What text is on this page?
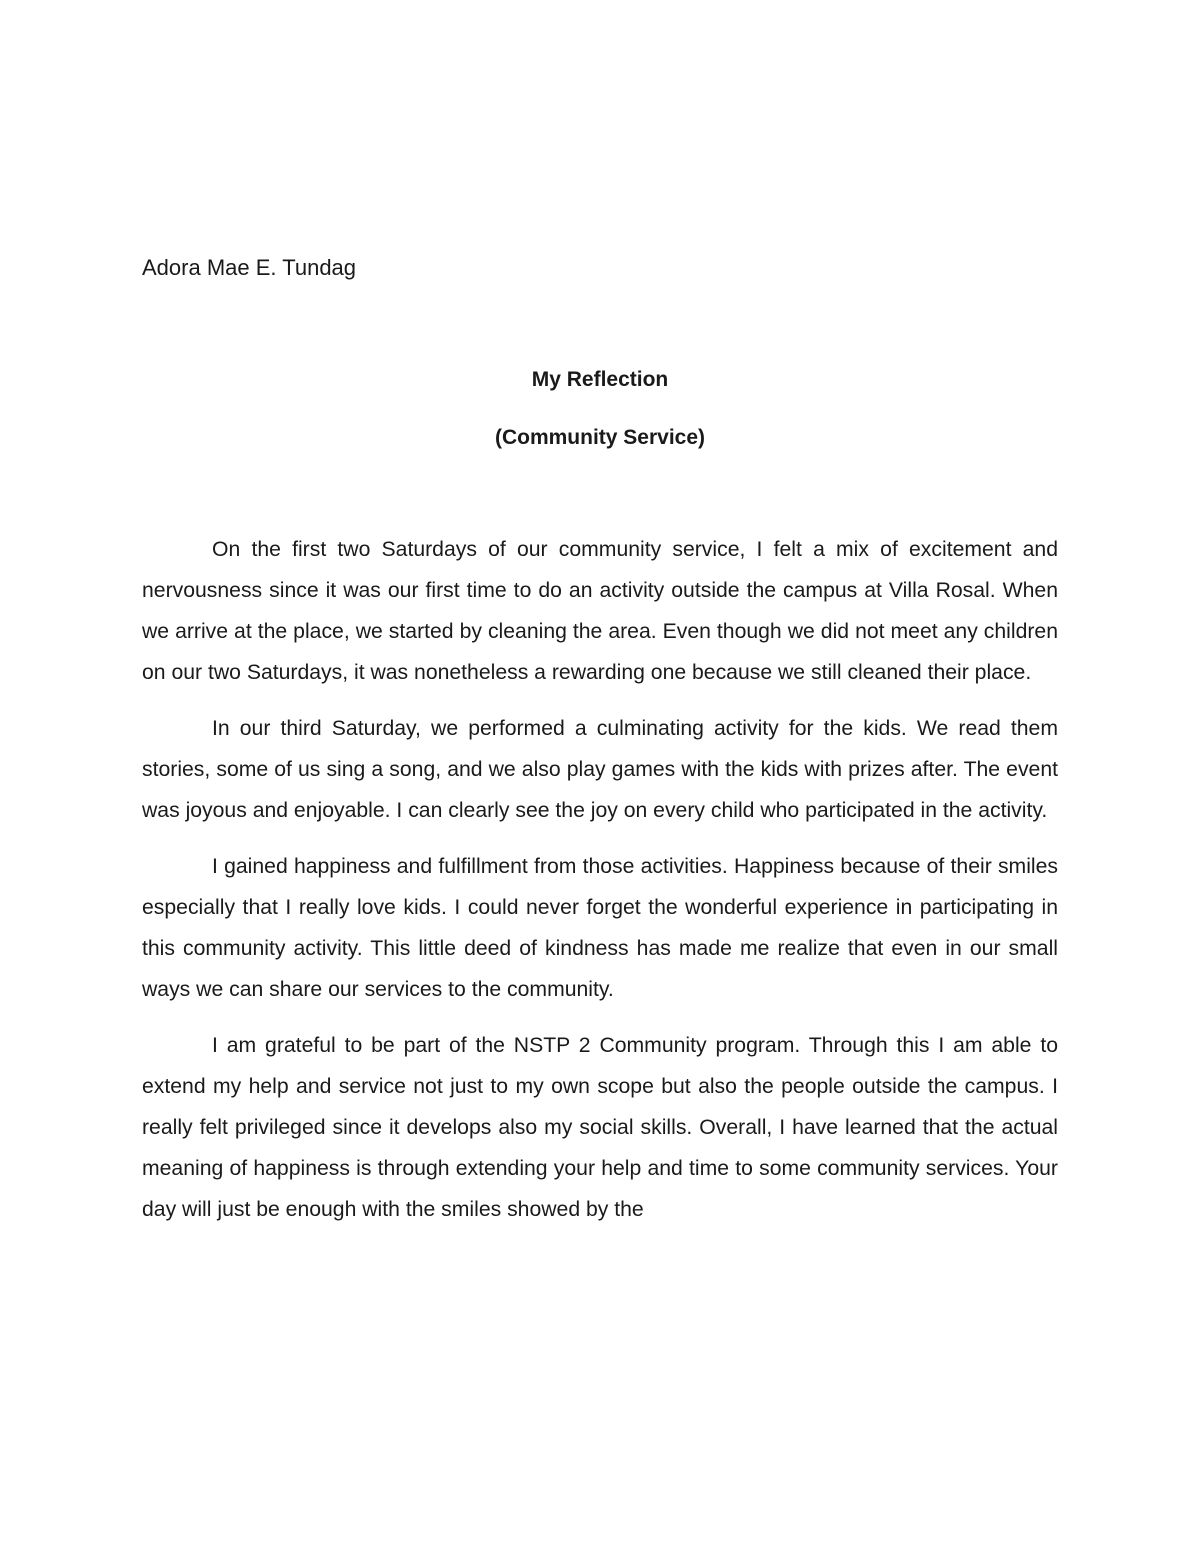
Adora Mae E. Tundag
My Reflection
(Community Service)

On the first two Saturdays of our community service, I felt a mix of excitement and nervousness since it was our first time to do an activity outside the campus at Villa Rosal. When we arrive at the place, we started by cleaning the area. Even though we did not meet any children on our two Saturdays, it was nonetheless a rewarding one because we still cleaned their place.

In our third Saturday, we performed a culminating activity for the kids. We read them stories, some of us sing a song, and we also play games with the kids with prizes after. The event was joyous and enjoyable. I can clearly see the joy on every child who participated in the activity.

I gained happiness and fulfillment from those activities. Happiness because of their smiles especially that I really love kids. I could never forget the wonderful experience in participating in this community activity. This little deed of kindness has made me realize that even in our small ways we can share our services to the community.

I am grateful to be part of the NSTP 2 Community program. Through this I am able to extend my help and service not just to my own scope but also the people outside the campus. I really felt privileged since it develops also my social skills. Overall, I have learned that the actual meaning of happiness is through extending your help and time to some community services. Your day will just be enough with the smiles showed by the
